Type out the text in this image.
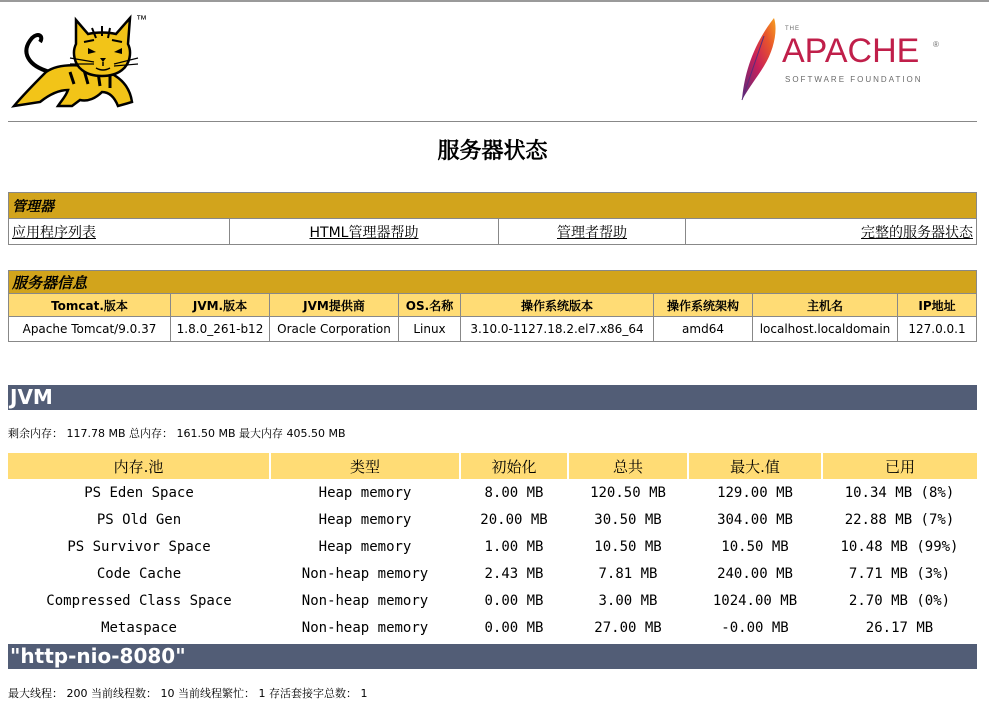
™
THE
APACHE ®
SOFTWARE FOUNDATION
服务器状态
管理器
应用程序列表	HTML管理器帮助	管理者帮助	完整的服务器状态
服务器信息							
Tomcat.版本	JVM.版本	JVM提供商	OS.名称	操作系统版本	操作系统架构	主机名	IP地址
Apache Tomcat/9.0.37	1.8.0_261-b12	Oracle Corporation	Linux	3.10.0-1127.18.2.el7.x86_64	amd64	localhost.localdomain	127.0.0.1
JVM
剩余内存： 117.78 MB 总内存： 161.50 MB 最大内存 405.50 MB
内存.池	类型	初始化	总共	最大.值	已用
PS Eden Space	Heap memory	8.00 MB	120.50 MB	129.00 MB	10.34 MB (8%)
PS Old Gen	Heap memory	20.00 MB	30.50 MB	304.00 MB	22.88 MB (7%)
PS Survivor Space	Heap memory	1.00 MB	10.50 MB	10.50 MB	10.48 MB (99%)
Code Cache	Non-heap memory	2.43 MB	7.81 MB	240.00 MB	7.71 MB (3%)
Compressed Class Space	Non-heap memory	0.00 MB	3.00 MB	1024.00 MB	2.70 MB (0%)
Metaspace	Non-heap memory	0.00 MB	27.00 MB	-0.00 MB	26.17 MB
"http-nio-8080"
最大线程： 200 当前线程数： 10 当前线程繁忙： 1 存活套接字总数： 1
